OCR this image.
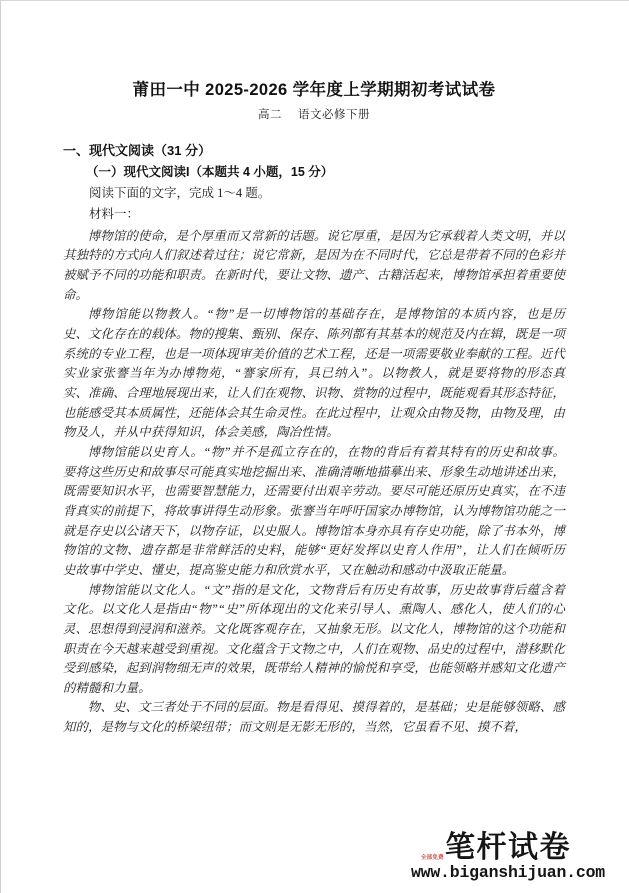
莆田一中 2025-2026 学年度上学期期初考试试卷
高二 语文必修下册
一、现代文阅读（31 分）
（一）现代文阅读I（本题共 4 小题，15 分）

阅读下面的文字，完成 1～4 题。

材料一：

博物馆的使命，是个厚重而又常新的话题。说它厚重，是因为它承载着人类文明，并以其独特的方式向人们叙述着过往；说它常新，是因为在不同时代，它总是带着不同的色彩并被赋予不同的功能和职责。在新时代，要让文物、遗产、古籍活起来，博物馆承担着重要使命。

博物馆能以物教人。“物”是一切博物馆的基础存在，是博物馆的本质内容，也是历史、文化存在的载体。物的搜集、甄别、保存、陈列都有其基本的规范及内在辑，既是一项系统的专业工程，也是一项体现审美价值的艺术工程，还是一项需要敬业奉献的工程。近代实业家张謇当年为办博物苑，“謇家所有，具已纳入”。以物教人，就是要将物的形态真实、准确、合理地展现出来，让人们在观物、识物、赏物的过程中，既能观看其形态特征，也能感受其本质属性，还能体会其生命灵性。在此过程中，让观众由物及物，由物及理，由物及人，并从中获得知识，体会美感，陶冶性情。

博物馆能以史育人。“物”并不是孤立存在的，在物的背后有着其特有的历史和故事。要将这些历史和故事尽可能真实地挖掘出来、准确清晰地描摹出来、形象生动地讲述出来，既需要知识水平，也需要智慧能力，还需要付出艰辛劳动。要尽可能还原历史真实，在不违背真实的前提下，将故事讲得生动形象。张謇当年呼吁国家办博物馆，认为博物馆功能之一就是存史以公诸天下，以物存证，以史服人。博物馆本身亦具有存史功能，除了书本外，博物馆的文物、遗存都是非常鲜活的史料，能够“更好发挥以史育人作用”，让人们在倾听历史故事中学史、懂史，提高鉴史能力和欣赏水平，又在触动和感动中汲取正能量。

博物馆能以文化人。“文”指的是文化，文物背后有历史有故事，历史故事背后蕴含着文化。以文化人是指由“物”“史”所体现出的文化来引导人、熏陶人、感化人，使人们的心灵、思想得到浸润和滋养。文化既客观存在，又抽象无形。以文化人，博物馆的这个功能和职责在今天越来越受到重视。文化蕴含于文物之中，人们在观物、品史的过程中，潜移默化受到感染，起到润物细无声的效果，既带给人精神的愉悦和享受，也能领略并感知文化遗产的精髓和力量。

物、史、文三者处于不同的层面。物是看得见、摸得着的，是基础；史是能够领略、感知的，是物与文化的桥梁纽带；而文则是无影无形的，当然，它虽看不见、摸不着，

全部免费 笔杆试卷
www.biganshijuan.com
